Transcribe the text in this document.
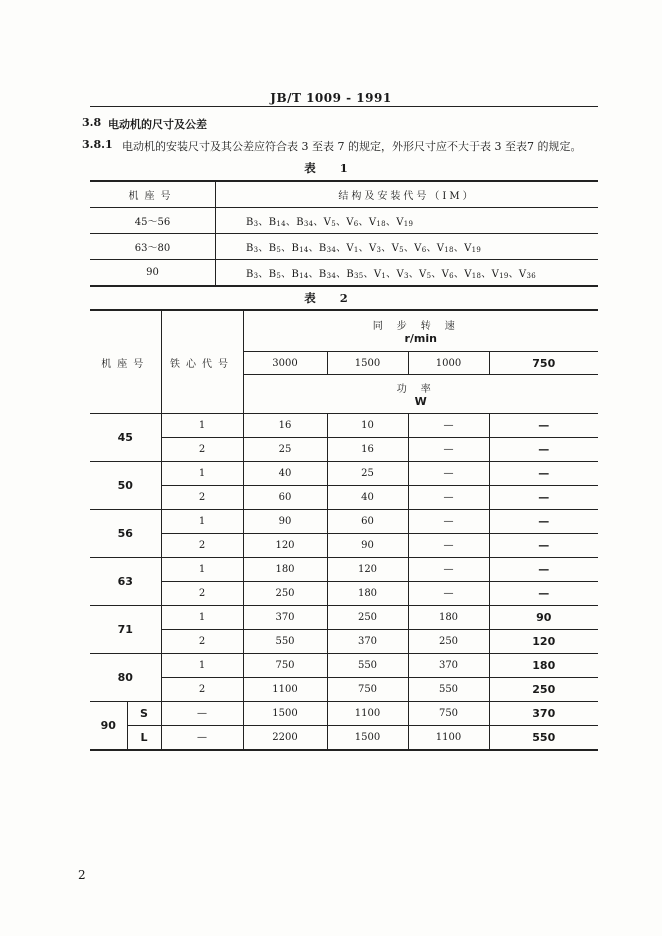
JB/T 1009 - 1991
3.8 电动机的尺寸及公差
3.8.1 电动机的安装尺寸及其公差应符合表 3 至表 7 的规定，外形尺寸应不大于表 3 至表7 的规定。
表 1
机座号	结构及安装代号（IM）
45～56	$B_3$、$B_{14}$、$B_{34}$、$V_5$、$V_6$、$V_{18}$、$V_{19}$
63～80	$B_3$、$B_5$、$B_{14}$、$B_{34}$、$V_1$、$V_3$、$V_5$、$V_6$、$V_{18}$、$V_{19}$
90	$B_3$、$B_5$、$B_{14}$、$B_{34}$、$B_{35}$、$V_1$、$V_3$、$V_5$、$V_6$、$V_{18}$、$V_{19}$、$V_{36}$
表 2
机座号		铁心代号	同步转速
r/min			

			3000	1500	1000	750

			功率
W			

45		1	16	10	—	—
		2	25	16	—	—
50		1	40	25	—	—
		2	60	40	—	—
56		1	90	60	—	—
		2	120	90	—	—
63		1	180	120	—	—
		2	250	180	—	—
71		1	370	250	180	90
		2	550	370	250	120
80		1	750	550	370	180
		2	1100	750	550	250
90	S	—	1500	1100	750	370
	L	—	2200	1500	1100	550
2
